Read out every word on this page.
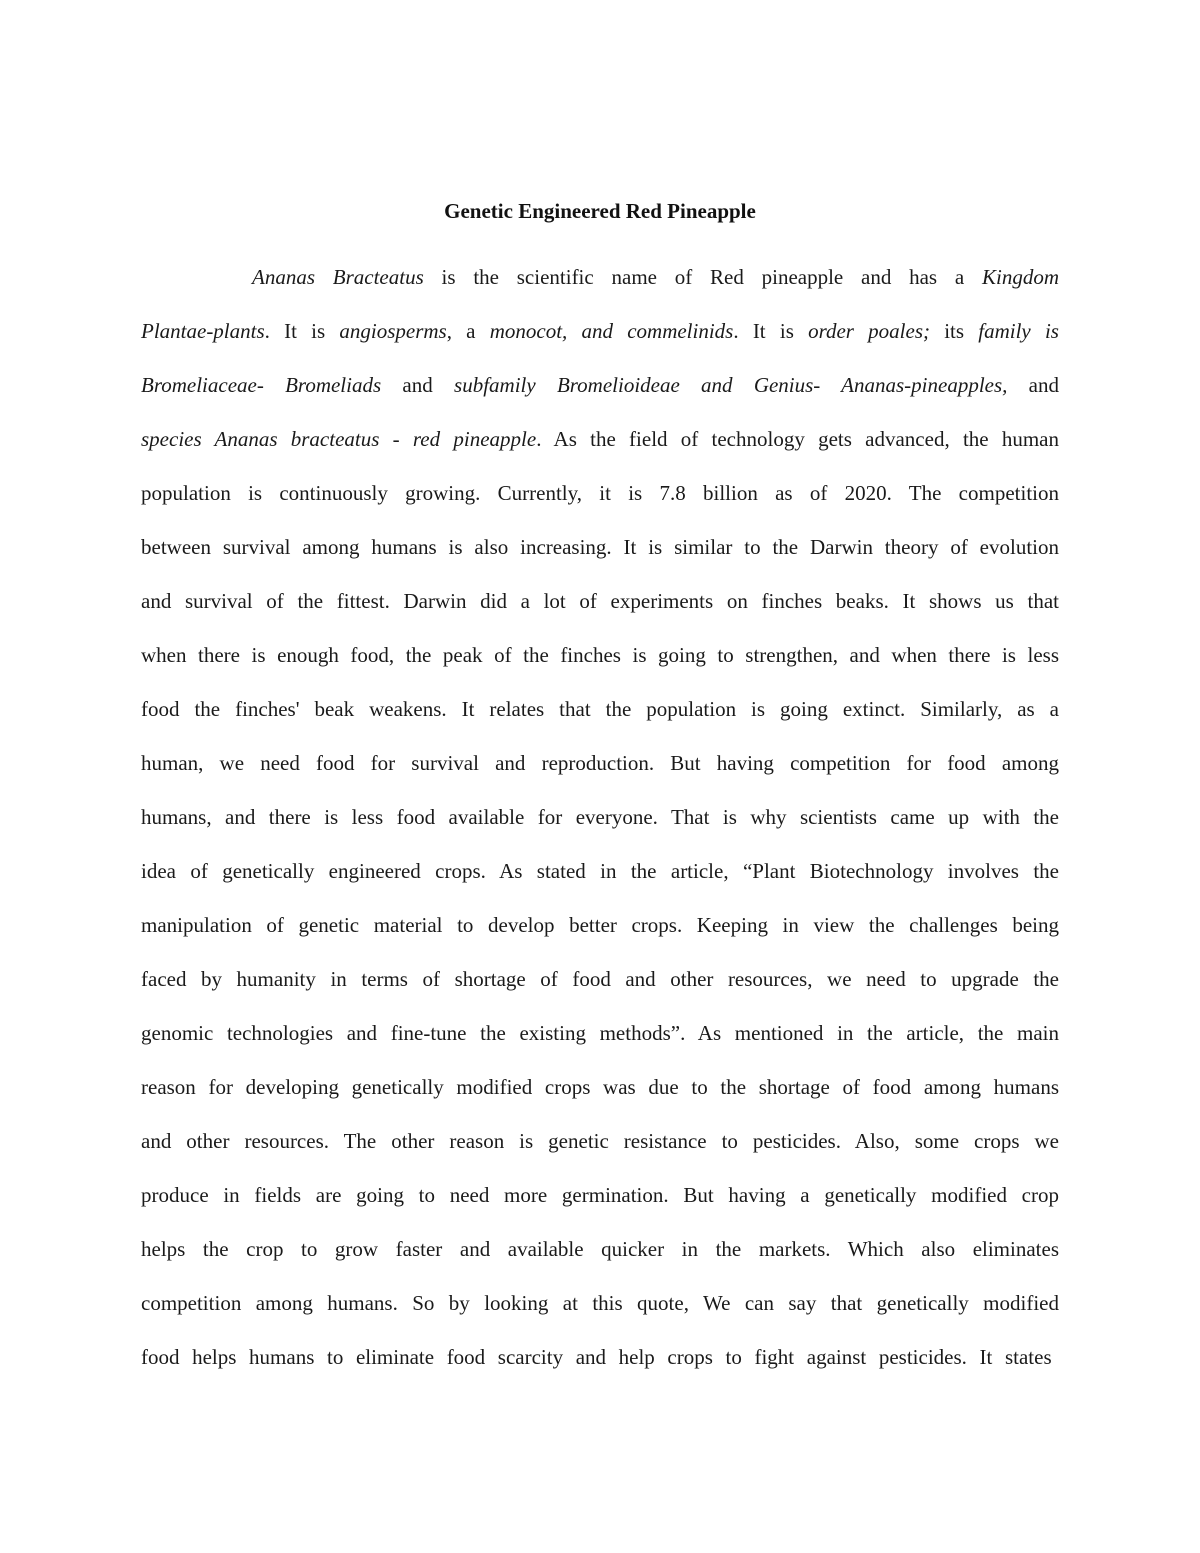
Genetic Engineered Red Pineapple
Ananas Bracteatus is the scientific name of Red pineapple and has a Kingdom
Plantae-plants. It is angiosperms, a monocot, and commelinids. It is order poales; its family is
Bromeliaceae- Bromeliads and subfamily Bromelioideae and Genius- Ananas-pineapples, and
species Ananas bracteatus - red pineapple. As the field of technology gets advanced, the human
population is continuously growing. Currently, it is 7.8 billion as of 2020. The competition
between survival among humans is also increasing. It is similar to the Darwin theory of evolution
and survival of the fittest. Darwin did a lot of experiments on finches beaks. It shows us that
when there is enough food, the peak of the finches is going to strengthen, and when there is less
food the finches' beak weakens. It relates that the population is going extinct. Similarly, as a
human, we need food for survival and reproduction. But having competition for food among
humans, and there is less food available for everyone. That is why scientists came up with the
idea of genetically engineered crops. As stated in the article, “Plant Biotechnology involves the
manipulation of genetic material to develop better crops. Keeping in view the challenges being
faced by humanity in terms of shortage of food and other resources, we need to upgrade the
genomic technologies and fine-tune the existing methods”. As mentioned in the article, the main
reason for developing genetically modified crops was due to the shortage of food among humans
and other resources. The other reason is genetic resistance to pesticides. Also, some crops we
produce in fields are going to need more germination. But having a genetically modified crop
helps the crop to grow faster and available quicker in the markets. Which also eliminates
competition among humans. So by looking at this quote, We can say that genetically modified
food helps humans to eliminate food scarcity and help crops to fight against pesticides. It states
